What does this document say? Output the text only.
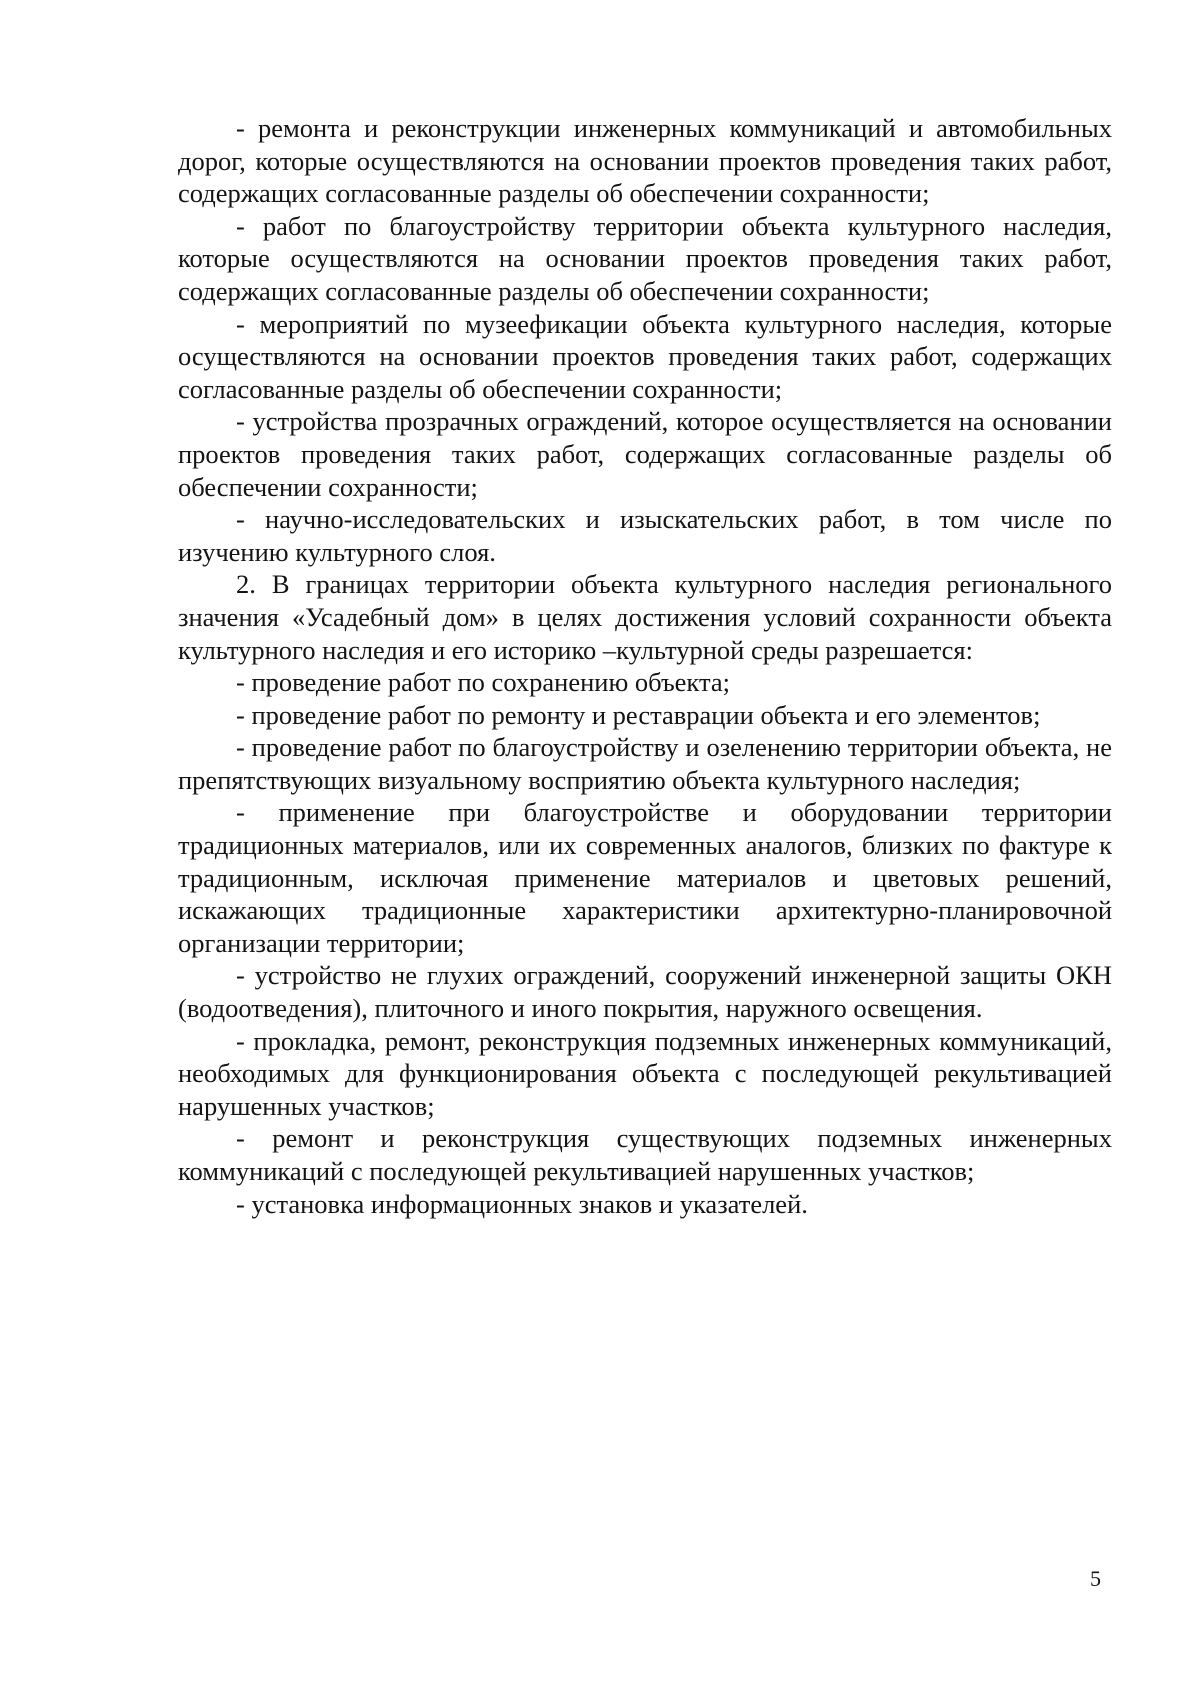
- ремонта и реконструкции инженерных коммуникаций и автомобильных дорог, которые осуществляются на основании проектов проведения таких работ, содержащих согласованные разделы об обеспечении сохранности;

- работ по благоустройству территории объекта культурного наследия, которые осуществляются на основании проектов проведения таких работ, содержащих согласованные разделы об обеспечении сохранности;

- мероприятий по музеефикации объекта культурного наследия, которые осуществляются на основании проектов проведения таких работ, содержащих согласованные разделы об обеспечении сохранности;

- устройства прозрачных ограждений, которое осуществляется на основании проектов проведения таких работ, содержащих согласованные разделы об обеспечении сохранности;

- научно-исследовательских и изыскательских работ, в том числе по изучению культурного слоя.

2. В границах территории объекта культурного наследия регионального значения «Усадебный дом» в целях достижения условий сохранности объекта культурного наследия и его историко –культурной среды разрешается:

- проведение работ по сохранению объекта;

- проведение работ по ремонту и реставрации объекта и его элементов;

- проведение работ по благоустройству и озеленению территории объекта, не препятствующих визуальному восприятию объекта культурного наследия;

- применение при благоустройстве и оборудовании территории традиционных материалов, или их современных аналогов, близких по фактуре к традиционным, исключая применение материалов и цветовых решений, искажающих традиционные характеристики архитектурно-планировочной организации территории;

- устройство не глухих ограждений, сооружений инженерной защиты ОКН (водоотведения), плиточного и иного покрытия, наружного освещения.

- прокладка, ремонт, реконструкция подземных инженерных коммуникаций, необходимых для функционирования объекта с последующей рекультивацией нарушенных участков;

- ремонт и реконструкция существующих подземных инженерных коммуникаций с последующей рекультивацией нарушенных участков;

- установка информационных знаков и указателей.

5
